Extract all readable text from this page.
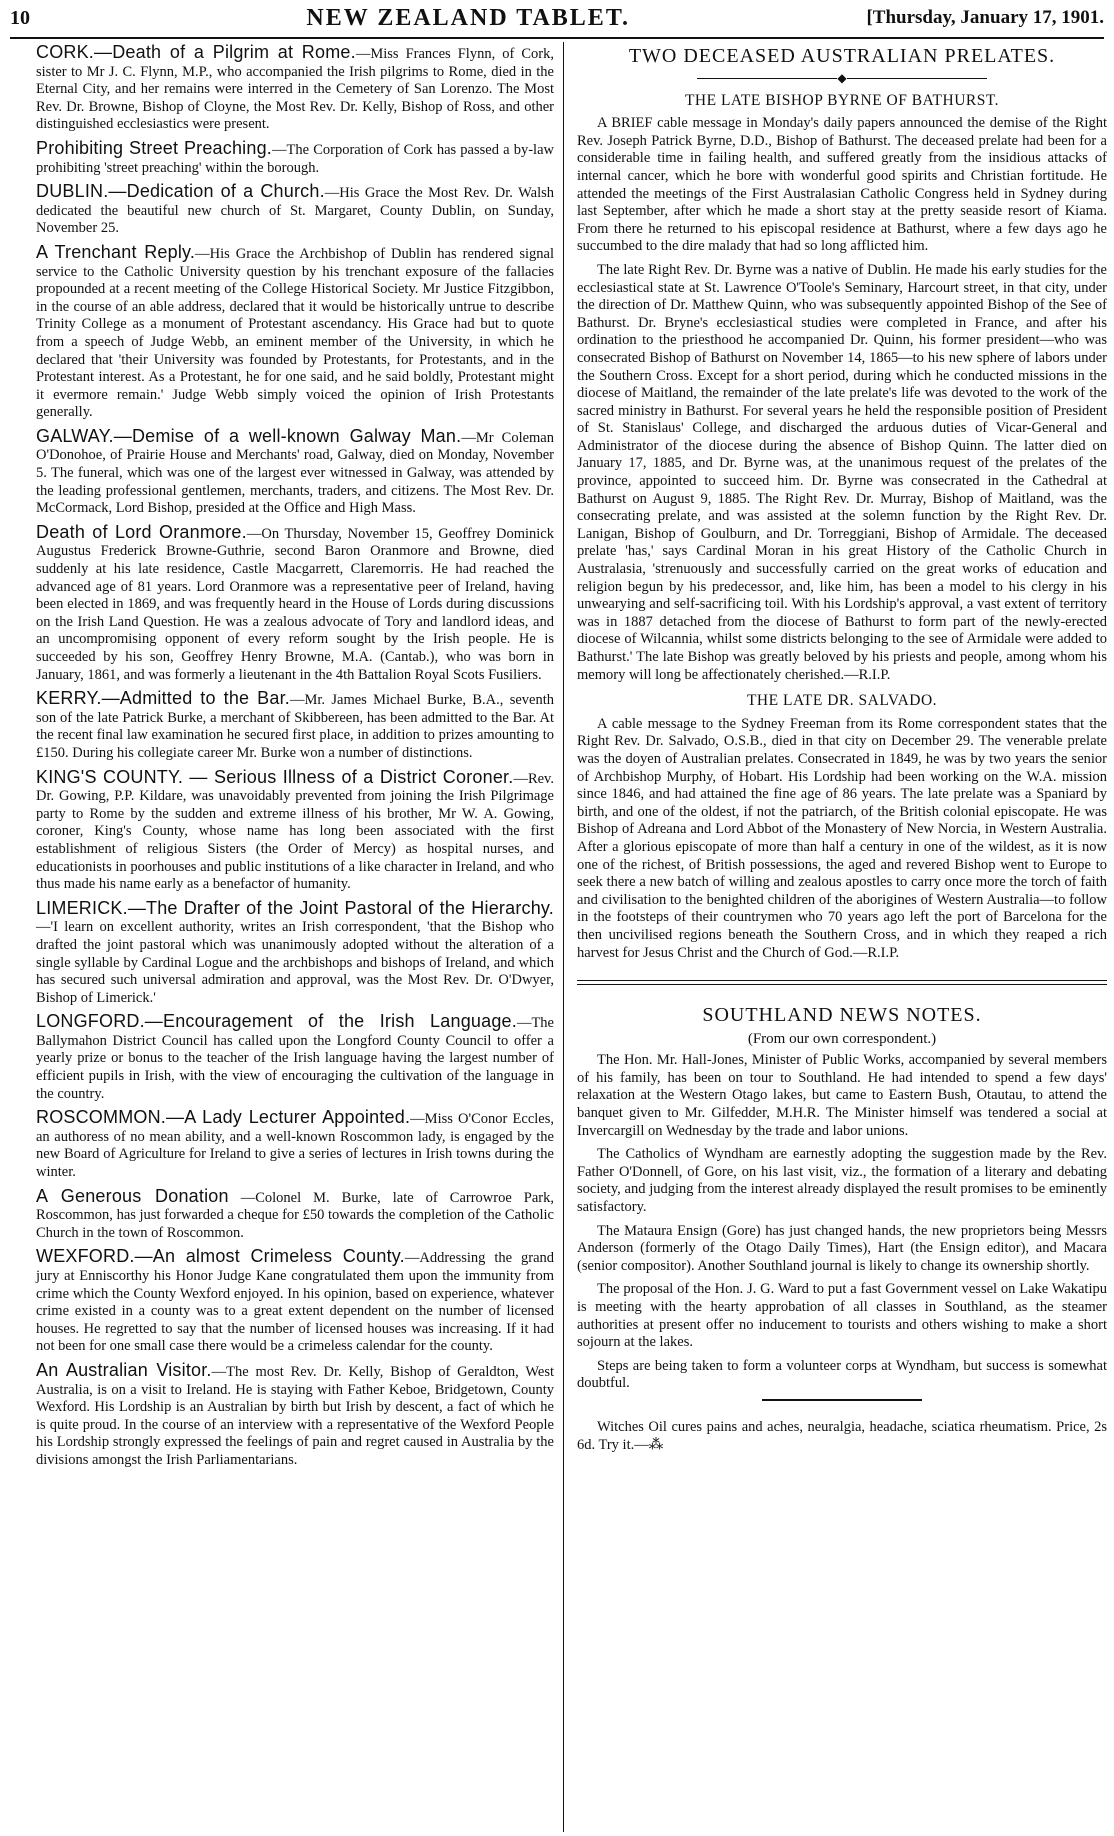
10	NEW ZEALAND TABLET.	[Thursday, January 17, 1901.
CORK.—Death of a Pilgrim at Rome.—Miss Frances Flynn, of Cork, sister to Mr J. C. Flynn, M.P., who accompanied the Irish pilgrims to Rome, died in the Eternal City, and her remains were interred in the Cemetery of San Lorenzo. The Most Rev. Dr. Browne, Bishop of Cloyne, the Most Rev. Dr. Kelly, Bishop of Ross, and other distinguished ecclesiastics were present.
Prohibiting Street Preaching.—The Corporation of Cork has passed a by-law prohibiting 'street preaching' within the borough.
DUBLIN.—Dedication of a Church.—His Grace the Most Rev. Dr. Walsh dedicated the beautiful new church of St. Margaret, County Dublin, on Sunday, November 25.
A Trenchant Reply.—His Grace the Archbishop of Dublin has rendered signal service to the Catholic University question by his trenchant exposure of the fallacies propounded at a recent meeting of the College Historical Society. Mr Justice Fitzgibbon, in the course of an able address, declared that it would be historically untrue to describe Trinity College as a monument of Protestant ascendancy. His Grace had but to quote from a speech of Judge Webb, an eminent member of the University, in which he declared that 'their University was founded by Protestants, for Protestants, and in the Protestant interest. As a Protestant, he for one said, and he said boldly, Protestant might it evermore remain.' Judge Webb simply voiced the opinion of Irish Protestants generally.
GALWAY.—Demise of a well-known Galway Man.—Mr Coleman O'Donohoe, of Prairie House and Merchants' road, Galway, died on Monday, November 5. The funeral, which was one of the largest ever witnessed in Galway, was attended by the leading professional gentlemen, merchants, traders, and citizens. The Most Rev. Dr. McCormack, Lord Bishop, presided at the Office and High Mass.
Death of Lord Oranmore.—On Thursday, November 15, Geoffrey Dominick Augustus Frederick Browne-Guthrie, second Baron Oranmore and Browne, died suddenly at his late residence, Castle Macgarrett, Claremorris. He had reached the advanced age of 81 years. Lord Oranmore was a representative peer of Ireland, having been elected in 1869, and was frequently heard in the House of Lords during discussions on the Irish Land Question. He was a zealous advocate of Tory and landlord ideas, and an uncompromising opponent of every reform sought by the Irish people. He is succeeded by his son, Geoffrey Henry Browne, M.A. (Cantab.), who was born in January, 1861, and was formerly a lieutenant in the 4th Battalion Royal Scots Fusiliers.
KERRY.—Admitted to the Bar.—Mr. James Michael Burke, B.A., seventh son of the late Patrick Burke, a merchant of Skibbereen, has been admitted to the Bar. At the recent final law examination he secured first place, in addition to prizes amounting to £150. During his collegiate career Mr. Burke won a number of distinctions.
KING'S COUNTY. — Serious Illness of a District Coroner.—Rev. Dr. Gowing, P.P. Kildare, was unavoidably prevented from joining the Irish Pilgrimage party to Rome by the sudden and extreme illness of his brother, Mr W. A. Gowing, coroner, King's County, whose name has long been associated with the first establishment of religious Sisters (the Order of Mercy) as hospital nurses, and educationists in poorhouses and public institutions of a like character in Ireland, and who thus made his name early as a benefactor of humanity.
LIMERICK.—The Drafter of the Joint Pastoral of the Hierarchy.—'I learn on excellent authority, writes an Irish correspondent, 'that the Bishop who drafted the joint pastoral which was unanimously adopted without the alteration of a single syllable by Cardinal Logue and the archbishops and bishops of Ireland, and which has secured such universal admiration and approval, was the Most Rev. Dr. O'Dwyer, Bishop of Limerick.'
LONGFORD.—Encouragement of the Irish Language.—The Ballymahon District Council has called upon the Longford County Council to offer a yearly prize or bonus to the teacher of the Irish language having the largest number of efficient pupils in Irish, with the view of encouraging the cultivation of the language in the country.
ROSCOMMON.—A Lady Lecturer Appointed.—Miss O'Conor Eccles, an authoress of no mean ability, and a well-known Roscommon lady, is engaged by the new Board of Agriculture for Ireland to give a series of lectures in Irish towns during the winter.
A Generous Donation —Colonel M. Burke, late of Carrowroe Park, Roscommon, has just forwarded a cheque for £50 towards the completion of the Catholic Church in the town of Roscommon.
WEXFORD.—An almost Crimeless County.—Addressing the grand jury at Enniscorthy his Honor Judge Kane congratulated them upon the immunity from crime which the County Wexford enjoyed. In his opinion, based on experience, whatever crime existed in a county was to a great extent dependent on the number of licensed houses. He regretted to say that the number of licensed houses was increasing. If it had not been for one small case there would be a crimeless calendar for the county.
An Australian Visitor.—The most Rev. Dr. Kelly, Bishop of Geraldton, West Australia, is on a visit to Ireland. He is staying with Father Keboe, Bridgetown, County Wexford. His Lordship is an Australian by birth but Irish by descent, a fact of which he is quite proud. In the course of an interview with a representative of the Wexford People his Lordship strongly expressed the feelings of pain and regret caused in Australia by the divisions amongst the Irish Parliamentarians.
TWO DECEASED AUSTRALIAN PRELATES.
◆
THE LATE BISHOP BYRNE OF BATHURST.

A BRIEF cable message in Monday's daily papers announced the demise of the Right Rev. Joseph Patrick Byrne, D.D., Bishop of Bathurst. The deceased prelate had been for a considerable time in failing health, and suffered greatly from the insidious attacks of internal cancer, which he bore with wonderful good spirits and Christian fortitude. He attended the meetings of the First Australasian Catholic Congress held in Sydney during last September, after which he made a short stay at the pretty seaside resort of Kiama. From there he returned to his episcopal residence at Bathurst, where a few days ago he succumbed to the dire malady that had so long afflicted him.

The late Right Rev. Dr. Byrne was a native of Dublin. He made his early studies for the ecclesiastical state at St. Lawrence O'Toole's Seminary, Harcourt street, in that city, under the direction of Dr. Matthew Quinn, who was subsequently appointed Bishop of the See of Bathurst. Dr. Bryne's ecclesiastical studies were completed in France, and after his ordination to the priesthood he accompanied Dr. Quinn, his former president—who was consecrated Bishop of Bathurst on November 14, 1865—to his new sphere of labors under the Southern Cross. Except for a short period, during which he conducted missions in the diocese of Maitland, the remainder of the late prelate's life was devoted to the work of the sacred ministry in Bathurst. For several years he held the responsible position of President of St. Stanislaus' College, and discharged the arduous duties of Vicar-General and Administrator of the diocese during the absence of Bishop Quinn. The latter died on January 17, 1885, and Dr. Byrne was, at the unanimous request of the prelates of the province, appointed to succeed him. Dr. Byrne was consecrated in the Cathedral at Bathurst on August 9, 1885. The Right Rev. Dr. Murray, Bishop of Maitland, was the consecrating prelate, and was assisted at the solemn function by the Right Rev. Dr. Lanigan, Bishop of Goulburn, and Dr. Torreggiani, Bishop of Armidale. The deceased prelate 'has,' says Cardinal Moran in his great History of the Catholic Church in Australasia, 'strenuously and successfully carried on the great works of education and religion begun by his predecessor, and, like him, has been a model to his clergy in his unwearying and self-sacrificing toil. With his Lordship's approval, a vast extent of territory was in 1887 detached from the diocese of Bathurst to form part of the newly-erected diocese of Wilcannia, whilst some districts belonging to the see of Armidale were added to Bathurst.' The late Bishop was greatly beloved by his priests and people, among whom his memory will long be affectionately cherished.—R.I.P.

THE LATE DR. SALVADO.

A cable message to the Sydney Freeman from its Rome correspondent states that the Right Rev. Dr. Salvado, O.S.B., died in that city on December 29. The venerable prelate was the doyen of Australian prelates. Consecrated in 1849, he was by two years the senior of Archbishop Murphy, of Hobart. His Lordship had been working on the W.A. mission since 1846, and had attained the fine age of 86 years. The late prelate was a Spaniard by birth, and one of the oldest, if not the patriarch, of the British colonial episcopate. He was Bishop of Adreana and Lord Abbot of the Monastery of New Norcia, in Western Australia. After a glorious episcopate of more than half a century in one of the wildest, as it is now one of the richest, of British possessions, the aged and revered Bishop went to Europe to seek there a new batch of willing and zealous apostles to carry once more the torch of faith and civilisation to the benighted children of the aborigines of Western Australia—to follow in the footsteps of their countrymen who 70 years ago left the port of Barcelona for the then uncivilised regions beneath the Southern Cross, and in which they reaped a rich harvest for Jesus Christ and the Church of God.—R.I.P.

SOUTHLAND NEWS NOTES.
(From our own correspondent.)

The Hon. Mr. Hall-Jones, Minister of Public Works, accompanied by several members of his family, has been on tour to Southland. He had intended to spend a few days' relaxation at the Western Otago lakes, but came to Eastern Bush, Otautau, to attend the banquet given to Mr. Gilfedder, M.H.R. The Minister himself was tendered a social at Invercargill on Wednesday by the trade and labor unions.

The Catholics of Wyndham are earnestly adopting the suggestion made by the Rev. Father O'Donnell, of Gore, on his last visit, viz., the formation of a literary and debating society, and judging from the interest already displayed the result promises to be eminently satisfactory.

The Mataura Ensign (Gore) has just changed hands, the new proprietors being Messrs Anderson (formerly of the Otago Daily Times), Hart (the Ensign editor), and Macara (senior compositor). Another Southland journal is likely to change its ownership shortly.

The proposal of the Hon. J. G. Ward to put a fast Government vessel on Lake Wakatipu is meeting with the hearty approbation of all classes in Southland, as the steamer authorities at present offer no inducement to tourists and others wishing to make a short sojourn at the lakes.

Steps are being taken to form a volunteer corps at Wyndham, but success is somewhat doubtful.

Witches Oil cures pains and aches, neuralgia, headache, sciatica rheumatism. Price, 2s 6d. Try it.—⁂
